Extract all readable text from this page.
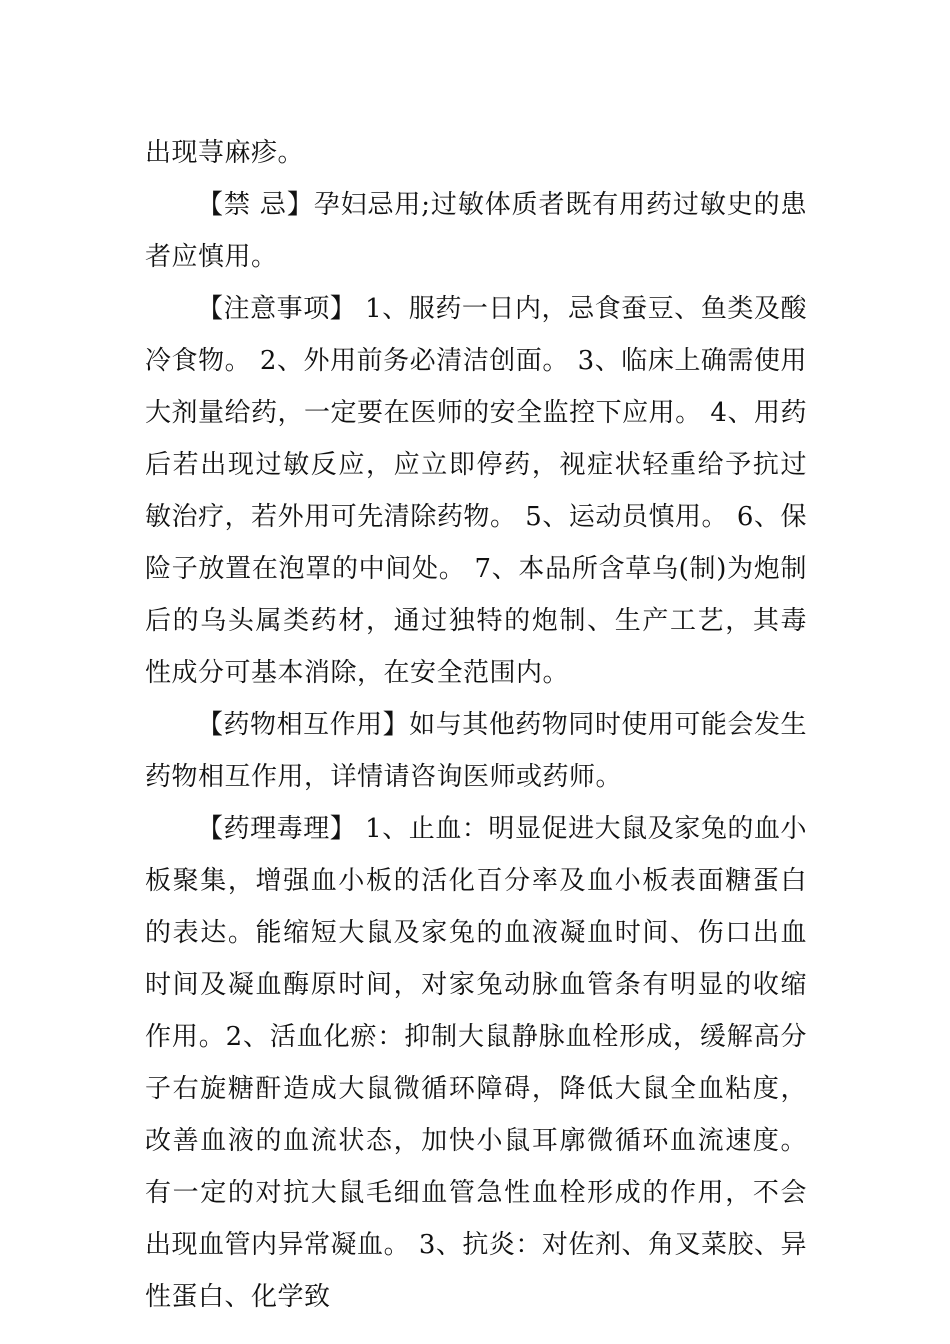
出现荨麻疹。

【禁 忌】孕妇忌用;过敏体质者既有用药过敏史的患者应慎用。

【注意事项】 1、服药一日内，忌食蚕豆、鱼类及酸冷食物。 2、外用前务必清洁创面。 3、临床上确需使用大剂量给药，一定要在医师的安全监控下应用。 4、用药后若出现过敏反应，应立即停药，视症状轻重给予抗过敏治疗，若外用可先清除药物。 5、运动员慎用。 6、保险子放置在泡罩的中间处。 7、本品所含草乌(制)为炮制后的乌头属类药材，通过独特的炮制、生产工艺，其毒性成分可基本消除，在安全范围内。

【药物相互作用】如与其他药物同时使用可能会发生药物相互作用，详情请咨询医师或药师。

【药理毒理】 1、止血：明显促进大鼠及家兔的血小板聚集，增强血小板的活化百分率及血小板表面糖蛋白的表达。能缩短大鼠及家兔的血液凝血时间、伤口出血时间及凝血酶原时间，对家兔动脉血管条有明显的收缩作用。2、活血化瘀：抑制大鼠静脉血栓形成，缓解高分子右旋糖酐造成大鼠微循环障碍，降低大鼠全血粘度，改善血液的血流状态，加快小鼠耳廓微循环血流速度。有一定的对抗大鼠毛细血管急性血栓形成的作用，不会出现血管内异常凝血。 3、抗炎：对佐剂、角叉菜胶、异性蛋白、化学致
